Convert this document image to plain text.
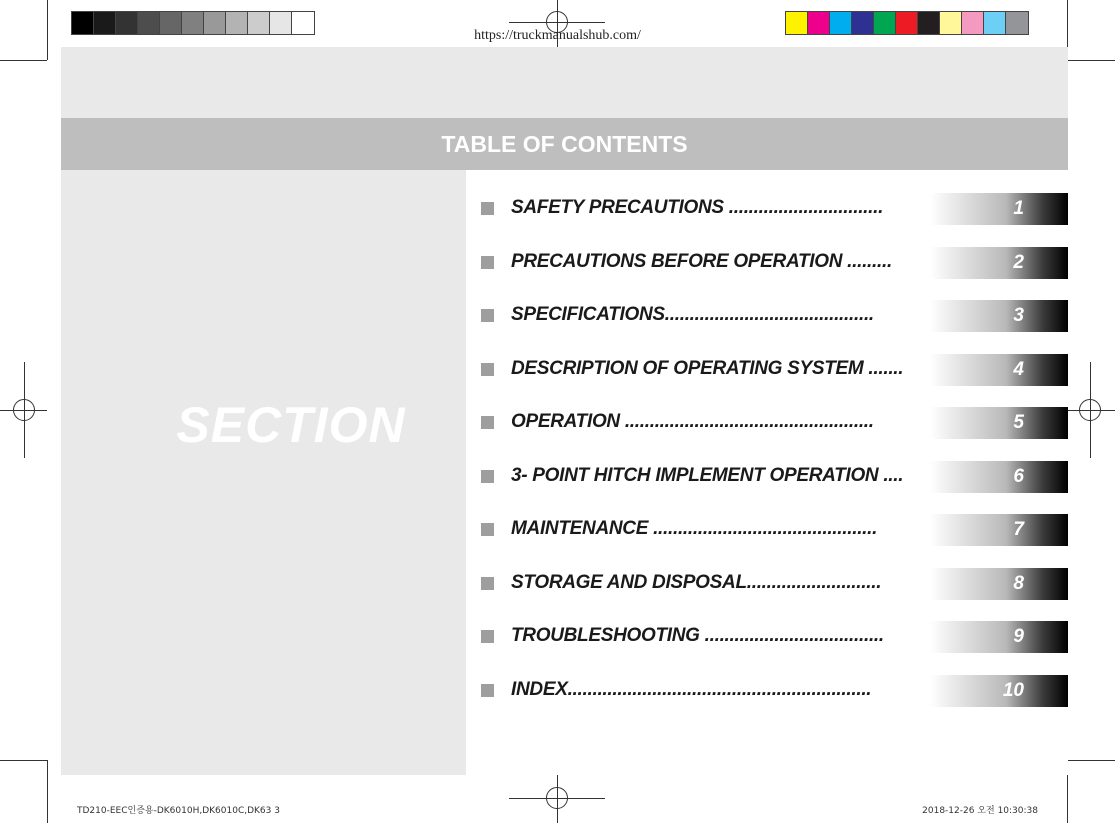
TABLE OF CONTENTS
SECTION
SAFETY PRECAUTIONS ...............................	1
PRECAUTIONS BEFORE OPERATION .........	2
SPECIFICATIONS..........................................	3
DESCRIPTION OF OPERATING SYSTEM .......	4
OPERATION ..................................................	5
3- POINT HITCH IMPLEMENT OPERATION ....	6
MAINTENANCE .............................................	7
STORAGE AND DISPOSAL...........................	8
TROUBLESHOOTING ....................................	9
INDEX.............................................................	10
https://truckmanualshub.com/
TD210-EEC인증용-DK6010H,DK6010C,DK63 3	2018-12-26 오전 10:30:38
